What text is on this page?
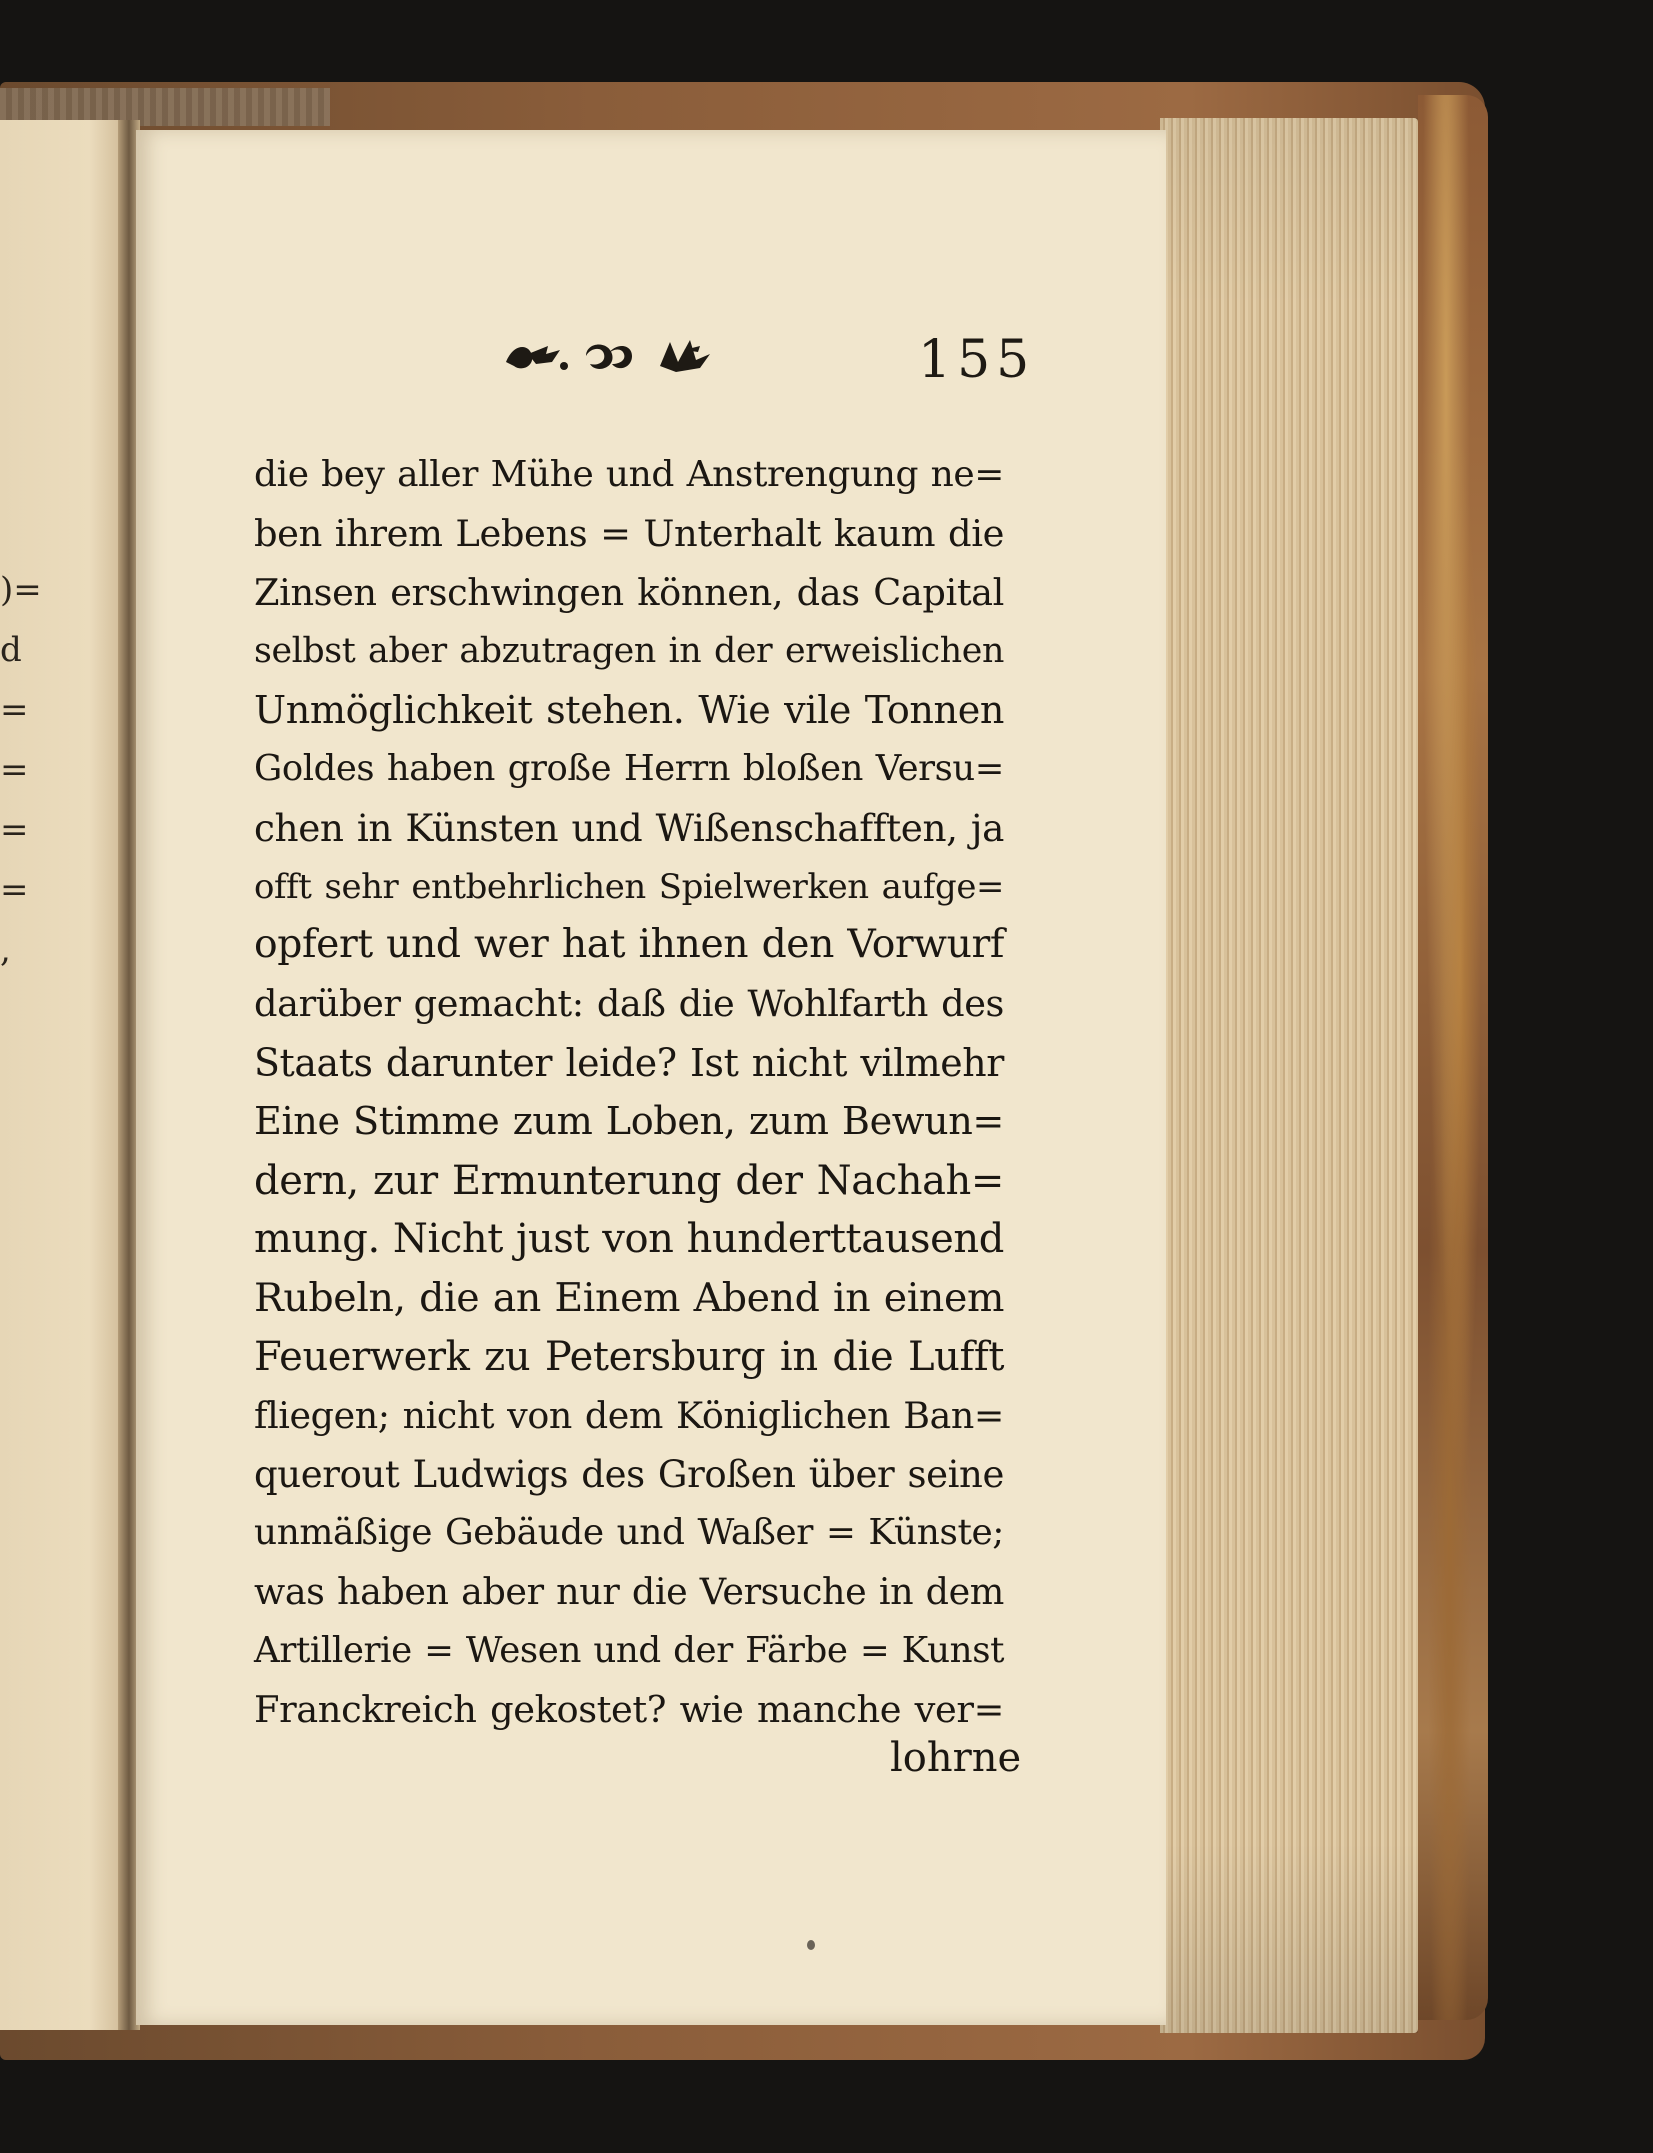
)=
d
=
=
=
=
,
155
die bey aller Mühe und Anstrengung ne=
ben ihrem Lebens = Unterhalt kaum die
Zinsen erschwingen können, das Capital
selbst aber abzutragen in der erweislichen
Unmöglichkeit stehen. Wie vile Tonnen
Goldes haben große Herrn bloßen Versu=
chen in Künsten und Wißenschafften, ja
offt sehr entbehrlichen Spielwerken aufge=
opfert und wer hat ihnen den Vorwurf
darüber gemacht: daß die Wohlfarth des
Staats darunter leide? Ist nicht vilmehr
Eine Stimme zum Loben, zum Bewun=
dern, zur Ermunterung der Nachah=
mung. Nicht just von hunderttausend
Rubeln, die an Einem Abend in einem
Feuerwerk zu Petersburg in die Lufft
fliegen; nicht von dem Königlichen Ban=
querout Ludwigs des Großen über seine
unmäßige Gebäude und Waßer = Künste;
was haben aber nur die Versuche in dem
Artillerie = Wesen und der Färbe = Kunst
Franckreich gekostet? wie manche ver=
lohrne
